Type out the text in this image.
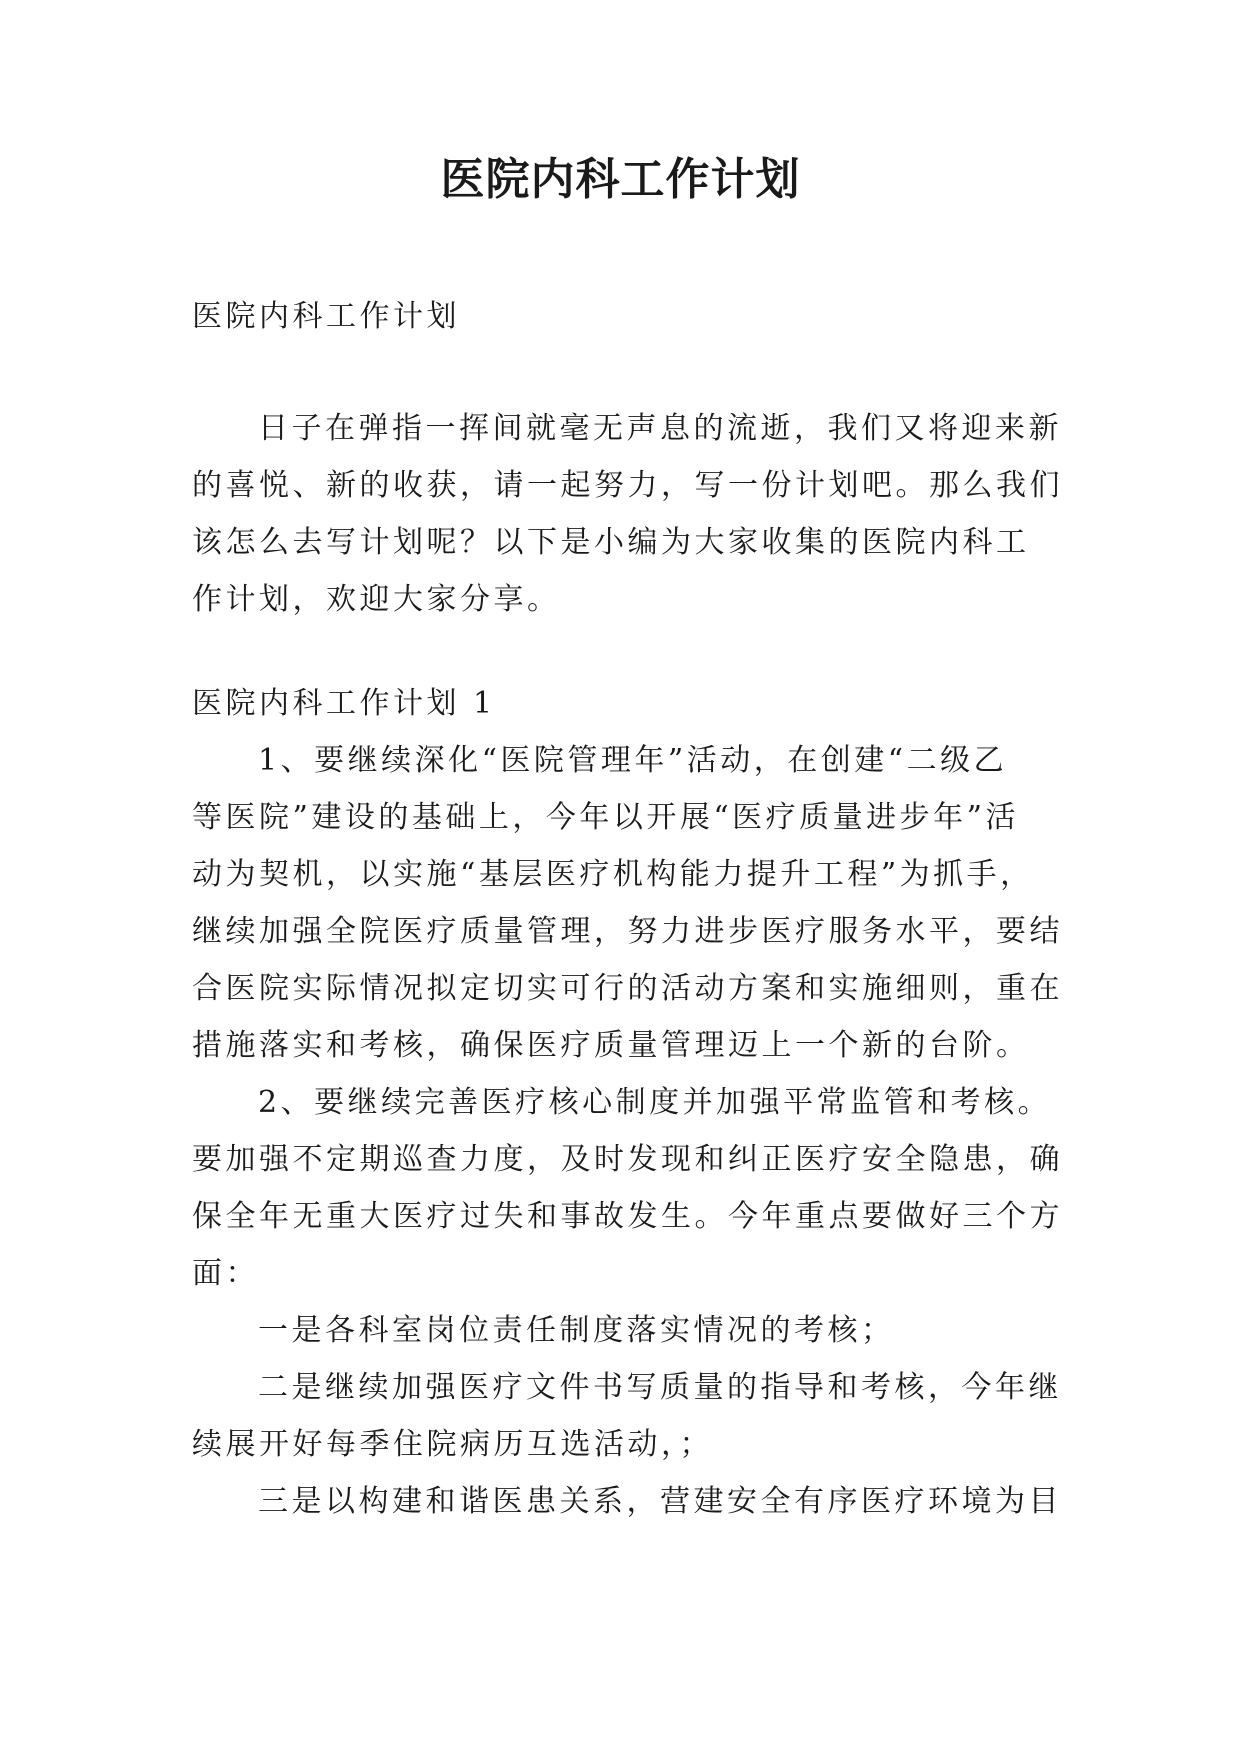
医院内科工作计划
医院内科工作计划
日子在弹指一挥间就毫无声息的流逝，我们又将迎来新
的喜悦、新的收获，请一起努力，写一份计划吧。那么我们
该怎么去写计划呢？以下是小编为大家收集的医院内科工
作计划，欢迎大家分享。
医院内科工作计划 1
1、要继续深化“医院管理年”活动，在创建“二级乙
等医院”建设的基础上，今年以开展“医疗质量进步年”活
动为契机，以实施“基层医疗机构能力提升工程”为抓手，
继续加强全院医疗质量管理，努力进步医疗服务水平，要结
合医院实际情况拟定切实可行的活动方案和实施细则，重在
措施落实和考核，确保医疗质量管理迈上一个新的台阶。
2、要继续完善医疗核心制度并加强平常监管和考核。
要加强不定期巡查力度，及时发现和纠正医疗安全隐患，确
保全年无重大医疗过失和事故发生。今年重点要做好三个方
面：
一是各科室岗位责任制度落实情况的考核；
二是继续加强医疗文件书写质量的指导和考核，今年继
续展开好每季住院病历互选活动，；
三是以构建和谐医患关系，营建安全有序医疗环境为目
